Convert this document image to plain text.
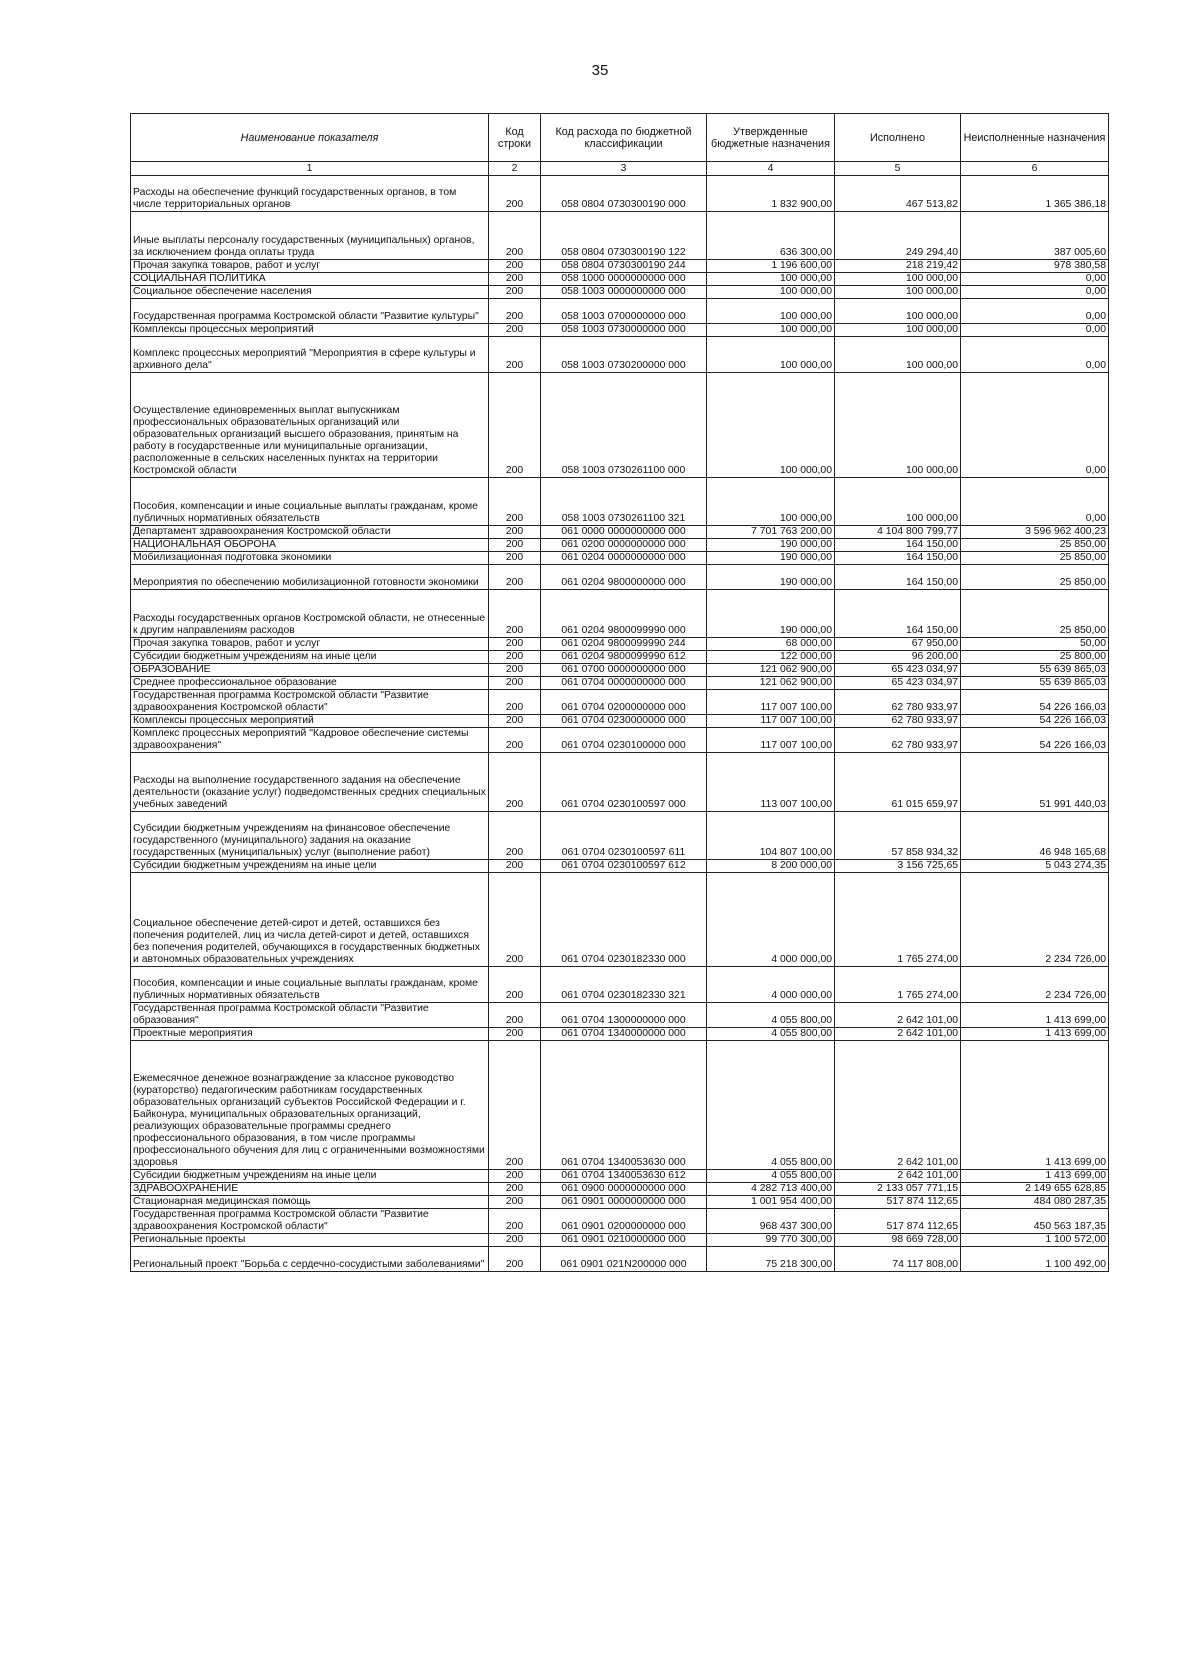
35
Наименование показателя	Код строки	Код расхода по бюджетной классификации	Утвержденные бюджетные назначения	Исполнено	Неисполненные назначения
1	2	3	4	5	6
Расходы на обеспечение функций государственных органов, в том числе территориальных органов	200	058 0804 0730300190 000	1 832 900,00	467 513,82	1 365 386,18
Иные выплаты персоналу государственных (муниципальных) органов, за исключением фонда оплаты труда	200	058 0804 0730300190 122	636 300,00	249 294,40	387 005,60
Прочая закупка товаров, работ и услуг	200	058 0804 0730300190 244	1 196 600,00	218 219,42	978 380,58
СОЦИАЛЬНАЯ ПОЛИТИКА	200	058 1000 0000000000 000	100 000,00	100 000,00	0,00
Социальное обеспечение населения	200	058 1003 0000000000 000	100 000,00	100 000,00	0,00
Государственная программа Костромской области "Развитие культуры"	200	058 1003 0700000000 000	100 000,00	100 000,00	0,00
Комплексы процессных мероприятий	200	058 1003 0730000000 000	100 000,00	100 000,00	0,00
Комплекс процессных мероприятий "Мероприятия в сфере культуры и архивного дела"	200	058 1003 0730200000 000	100 000,00	100 000,00	0,00
Осуществление единовременных выплат выпускникам профессиональных образовательных организаций или образовательных организаций высшего образования, принятым на работу в государственные или муниципальные организации, расположенные в сельских населенных пунктах на территории Костромской области	200	058 1003 0730261100 000	100 000,00	100 000,00	0,00
Пособия, компенсации и иные социальные выплаты гражданам, кроме публичных нормативных обязательств	200	058 1003 0730261100 321	100 000,00	100 000,00	0,00
Департамент здравоохранения Костромской области	200	061 0000 0000000000 000	7 701 763 200,00	4 104 800 799,77	3 596 962 400,23
НАЦИОНАЛЬНАЯ ОБОРОНА	200	061 0200 0000000000 000	190 000,00	164 150,00	25 850,00
Мобилизационная подготовка экономики	200	061 0204 0000000000 000	190 000,00	164 150,00	25 850,00
Мероприятия по обеспечению мобилизационной готовности экономики	200	061 0204 9800000000 000	190 000,00	164 150,00	25 850,00
Расходы государственных органов Костромской области, не отнесенные к другим направлениям расходов	200	061 0204 9800099990 000	190 000,00	164 150,00	25 850,00
Прочая закупка товаров, работ и услуг	200	061 0204 9800099990 244	68 000,00	67 950,00	50,00
Субсидии бюджетным учреждениям на иные цели	200	061 0204 9800099990 612	122 000,00	96 200,00	25 800,00
ОБРАЗОВАНИЕ	200	061 0700 0000000000 000	121 062 900,00	65 423 034,97	55 639 865,03
Среднее профессиональное образование	200	061 0704 0000000000 000	121 062 900,00	65 423 034,97	55 639 865,03
Государственная программа Костромской области "Развитие здравоохранения Костромской области"	200	061 0704 0200000000 000	117 007 100,00	62 780 933,97	54 226 166,03
Комплексы процессных мероприятий	200	061 0704 0230000000 000	117 007 100,00	62 780 933,97	54 226 166,03
Комплекс процессных мероприятий "Кадровое обеспечение системы здравоохранения"	200	061 0704 0230100000 000	117 007 100,00	62 780 933,97	54 226 166,03
Расходы на выполнение государственного задания на обеспечение деятельности (оказание услуг) подведомственных средних специальных учебных заведений	200	061 0704 0230100597 000	113 007 100,00	61 015 659,97	51 991 440,03
Субсидии бюджетным учреждениям на финансовое обеспечение государственного (муниципального) задания на оказание государственных (муниципальных) услуг (выполнение работ)	200	061 0704 0230100597 611	104 807 100,00	57 858 934,32	46 948 165,68
Субсидии бюджетным учреждениям на иные цели	200	061 0704 0230100597 612	8 200 000,00	3 156 725,65	5 043 274,35
Социальное обеспечение детей-сирот и детей, оставшихся без попечения родителей, лиц из числа детей-сирот и детей, оставшихся без попечения родителей, обучающихся в государственных бюджетных и автономных образовательных учреждениях	200	061 0704 0230182330 000	4 000 000,00	1 765 274,00	2 234 726,00
Пособия, компенсации и иные социальные выплаты гражданам, кроме публичных нормативных обязательств	200	061 0704 0230182330 321	4 000 000,00	1 765 274,00	2 234 726,00
Государственная программа Костромской области "Развитие образования"	200	061 0704 1300000000 000	4 055 800,00	2 642 101,00	1 413 699,00
Проектные мероприятия	200	061 0704 1340000000 000	4 055 800,00	2 642 101,00	1 413 699,00
Ежемесячное денежное вознаграждение за классное руководство (кураторство) педагогическим работникам государственных образовательных организаций субъектов Российской Федерации и г. Байконура, муниципальных образовательных организаций, реализующих образовательные программы среднего профессионального образования, в том числе программы профессионального обучения для лиц с ограниченными возможностями здоровья	200	061 0704 1340053630 000	4 055 800,00	2 642 101,00	1 413 699,00
Субсидии бюджетным учреждениям на иные цели	200	061 0704 1340053630 612	4 055 800,00	2 642 101,00	1 413 699,00
ЗДРАВООХРАНЕНИЕ	200	061 0900 0000000000 000	4 282 713 400,00	2 133 057 771,15	2 149 655 628,85
Стационарная медицинская помощь	200	061 0901 0000000000 000	1 001 954 400,00	517 874 112,65	484 080 287,35
Государственная программа Костромской области "Развитие здравоохранения Костромской области"	200	061 0901 0200000000 000	968 437 300,00	517 874 112,65	450 563 187,35
Региональные проекты	200	061 0901 0210000000 000	99 770 300,00	98 669 728,00	1 100 572,00
Региональный проект "Борьба с сердечно-сосудистыми заболеваниями"	200	061 0901 021N200000 000	75 218 300,00	74 117 808,00	1 100 492,00
